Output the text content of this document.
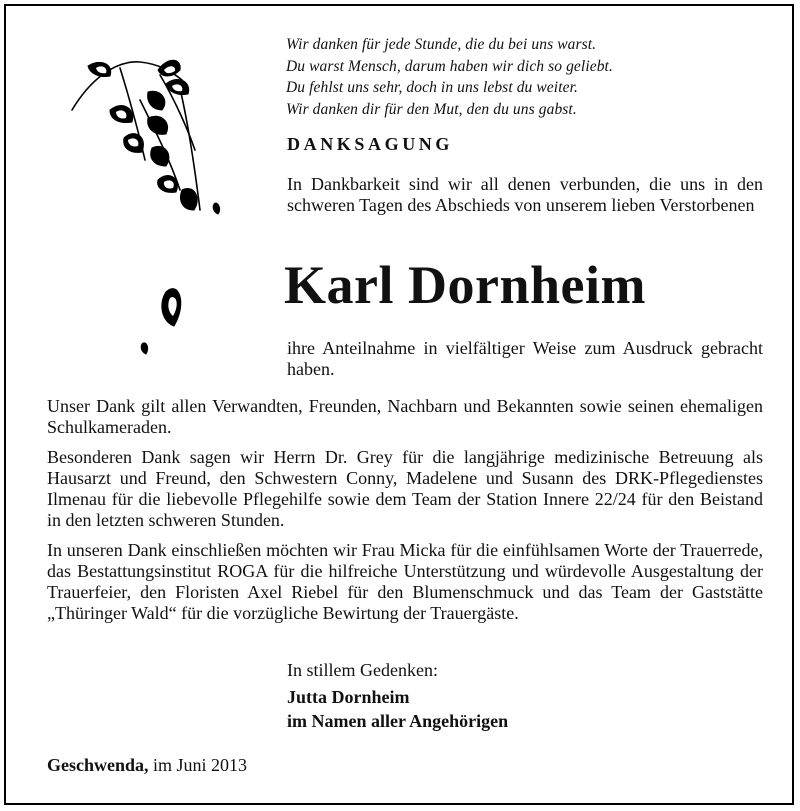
Wir danken für jede Stunde, die du bei uns warst.
Du warst Mensch, darum haben wir dich so geliebt.
Du fehlst uns sehr, doch in uns lebst du weiter.
Wir danken dir für den Mut, den du uns gabst.
DANKSAGUNG
In Dankbarkeit sind wir all denen verbunden, die uns in den schweren Tagen des Abschieds von unserem lieben Verstorbenen
Karl Dornheim
ihre Anteilnahme in vielfältiger Weise zum Ausdruck gebracht haben.
Unser Dank gilt allen Verwandten, Freunden, Nachbarn und Bekannten sowie seinen ehemaligen Schulkameraden.
Besonderen Dank sagen wir Herrn Dr. Grey für die langjährige medizinische Betreuung als Hausarzt und Freund, den Schwestern Conny, Madelene und Susann des DRK-Pflegedienstes Ilmenau für die liebevolle Pflegehilfe sowie dem Team der Station Innere 22/24 für den Beistand in den letzten schweren Stunden.
In unseren Dank einschließen möchten wir Frau Micka für die einfühlsamen Worte der Trauerrede, das Bestattungsinstitut ROGA für die hilfreiche Unterstützung und würdevolle Ausgestaltung der Trauerfeier, den Floristen Axel Riebel für den Blumenschmuck und das Team der Gaststätte „Thüringer Wald“ für die vorzügliche Bewirtung der Trauergäste.
In stillem Gedenken:
Jutta Dornheim
im Namen aller Angehörigen
Geschwenda, im Juni 2013
